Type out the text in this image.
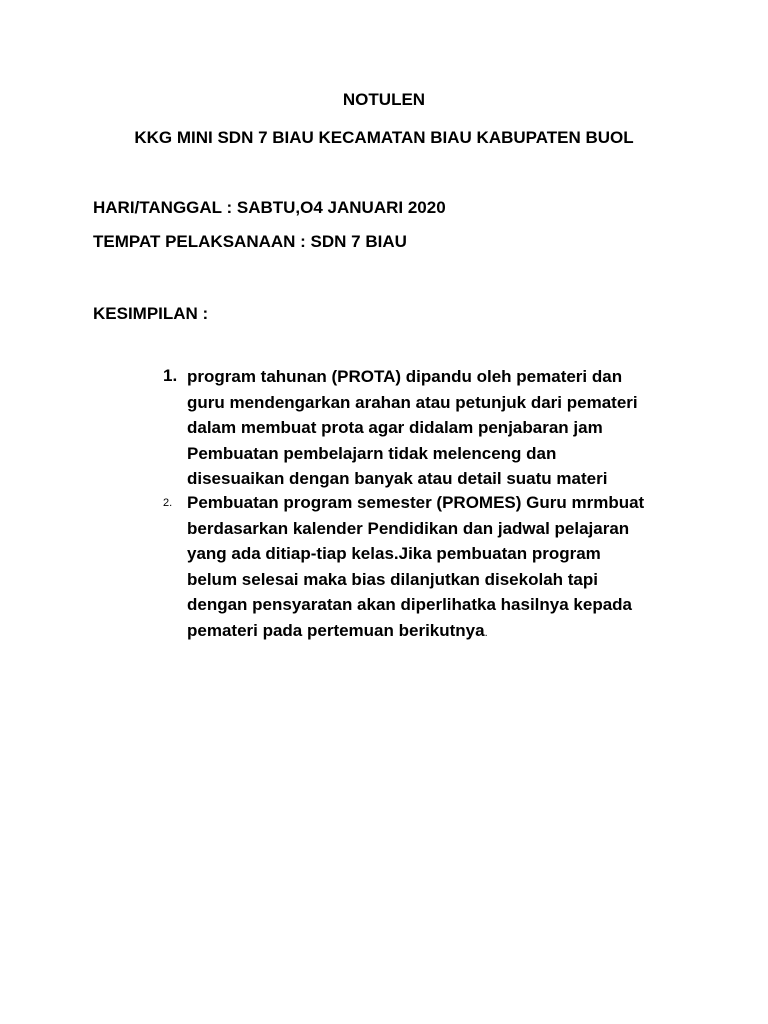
NOTULEN
KKG MINI SDN 7 BIAU KECAMATAN BIAU KABUPATEN BUOL
HARI/TANGGAL : SABTU,O4 JANUARI 2020
TEMPAT PELAKSANAAN : SDN 7 BIAU
KESIMPILAN :
1. program tahunan (PROTA) dipandu oleh pemateri dan
guru mendengarkan arahan atau petunjuk dari pemateri
dalam membuat prota agar didalam penjabaran jam
Pembuatan pembelajarn tidak melenceng dan
disesuaikan dengan banyak atau detail suatu materi
2. Pembuatan program semester (PROMES) Guru mrmbuat
berdasarkan kalender Pendidikan dan jadwal pelajaran
yang ada ditiap-tiap kelas.Jika pembuatan program
belum selesai maka bias dilanjutkan disekolah tapi
dengan pensyaratan akan diperlihatka hasilnya kepada
pemateri pada pertemuan berikutnya.
